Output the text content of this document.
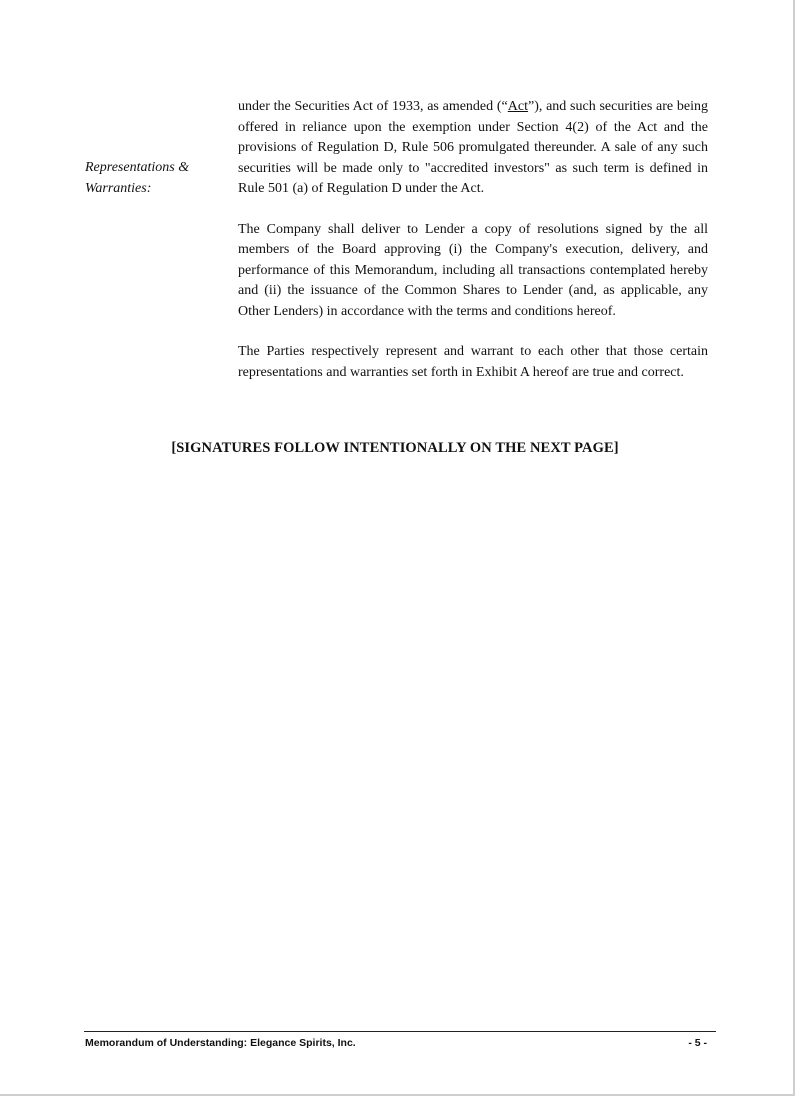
Representations &
Warranties:

under the Securities Act of 1933, as amended (“Act”), and such securities are being offered in reliance upon the exemption under Section 4(2) of the Act and the provisions of Regulation D, Rule 506 promulgated thereunder. A sale of any such securities will be made only to "accredited investors" as such term is defined in Rule 501 (a) of Regulation D under the Act.

The Company shall deliver to Lender a copy of resolutions signed by the all members of the Board approving (i) the Company's execution, delivery, and performance of this Memorandum, including all transactions contemplated hereby and (ii) the issuance of the Common Shares to Lender (and, as applicable, any Other Lenders) in accordance with the terms and conditions hereof.

The Parties respectively represent and warrant to each other that those certain representations and warranties set forth in Exhibit A hereof are true and correct.

[SIGNATURES FOLLOW INTENTIONALLY ON THE NEXT PAGE]
Memorandum of Understanding: Elegance Spirits, Inc.	- 5 -
